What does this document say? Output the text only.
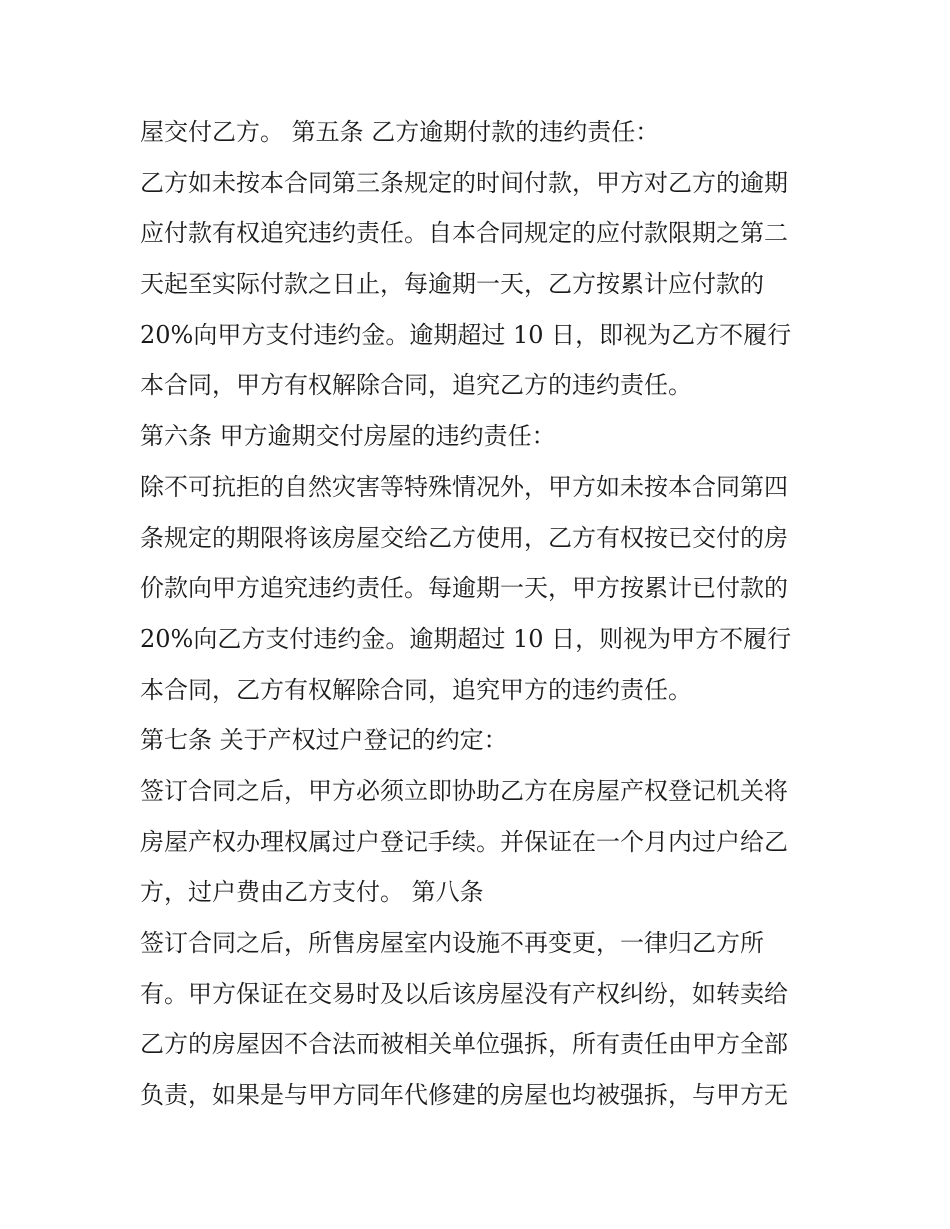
屋交付乙方。 第五条 乙方逾期付款的违约责任：
乙方如未按本合同第三条规定的时间付款，甲方对乙方的逾期
应付款有权追究违约责任。自本合同规定的应付款限期之第二
天起至实际付款之日止，每逾期一天，乙方按累计应付款的
20%向甲方支付违约金。逾期超过 10 日，即视为乙方不履行
本合同，甲方有权解除合同，追究乙方的违约责任。
第六条 甲方逾期交付房屋的违约责任：
除不可抗拒的自然灾害等特殊情况外，甲方如未按本合同第四
条规定的期限将该房屋交给乙方使用，乙方有权按已交付的房
价款向甲方追究违约责任。每逾期一天，甲方按累计已付款的
20%向乙方支付违约金。逾期超过 10 日，则视为甲方不履行
本合同，乙方有权解除合同，追究甲方的违约责任。
第七条 关于产权过户登记的约定：
签订合同之后，甲方必须立即协助乙方在房屋产权登记机关将
房屋产权办理权属过户登记手续。并保证在一个月内过户给乙
方，过户费由乙方支付。 第八条
签订合同之后，所售房屋室内设施不再变更，一律归乙方所
有。甲方保证在交易时及以后该房屋没有产权纠纷，如转卖给
乙方的房屋因不合法而被相关单位强拆，所有责任由甲方全部
负责，如果是与甲方同年代修建的房屋也均被强拆，与甲方无
